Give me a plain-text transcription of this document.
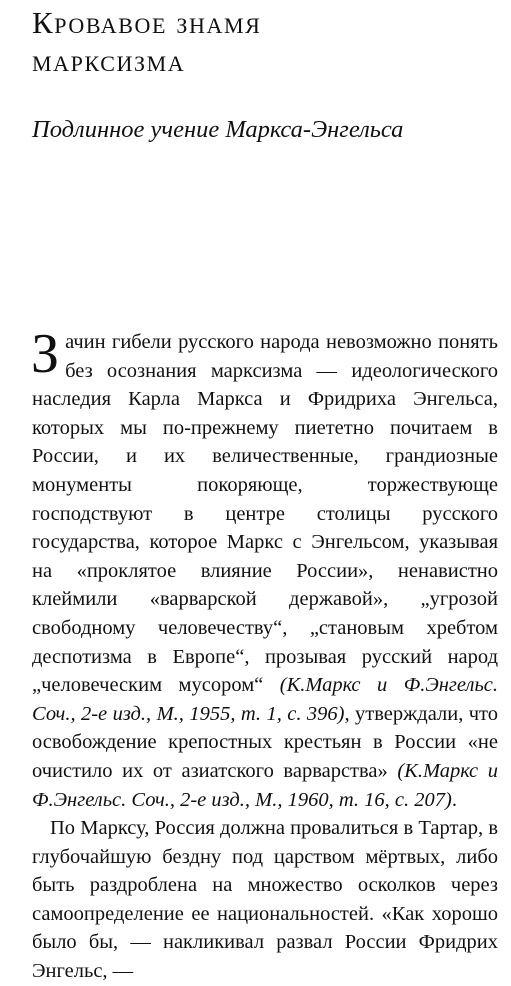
Кровавое знамя
марксизма
Подлинное учение Маркса-Энгельса

Зачин гибели русского народа невозможно понять без осознания марксизма — идеологического наследия Карла Маркса и Фридриха Энгельса, которых мы по-прежнему пиететно почитаем в России, и их величественные, грандиозные монументы покоряюще, торжествующе господствуют в центре столицы русского государства, которое Маркс с Энгельсом, указывая на «проклятое влияние России», ненавистно клеймили «варварской державой», „угрозой свободному человечеству“, „становым хребтом деспотизма в Европе“, прозывая русский народ „человеческим мусором“ (К.Маркс и Ф.Энгельс. Соч., 2-е изд., М., 1955, т. 1, с. 396), утверждали, что освобождение крепостных крестьян в России «не очистило их от азиатского варварства» (К.Маркс и Ф.Энгельс. Соч., 2-е изд., М., 1960, т. 16, с. 207).

По Марксу, Россия должна провалиться в Тартар, в глубочайшую бездну под царством мёртвых, либо быть раздроблена на множество осколков через самоопределение ее национальностей. «Как хорошо было бы, — накликивал развал России Фридрих Энгельс, —
